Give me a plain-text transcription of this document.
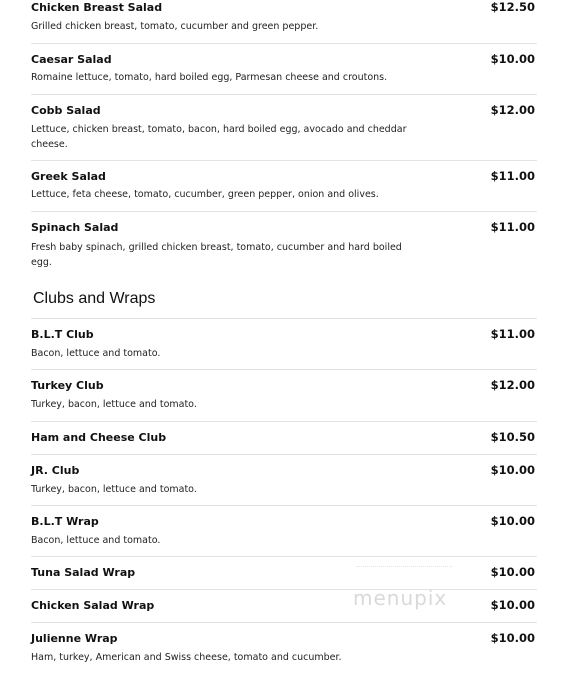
Chicken Breast Salad	$12.50
Grilled chicken breast, tomato, cucumber and green pepper.
Caesar Salad	$10.00
Romaine lettuce, tomato, hard boiled egg, Parmesan cheese and croutons.
Cobb Salad	$12.00
Lettuce, chicken breast, tomato, bacon, hard boiled egg, avocado and cheddar cheese.
Greek Salad	$11.00
Lettuce, feta cheese, tomato, cucumber, green pepper, onion and olives.
Spinach Salad	$11.00
Fresh baby spinach, grilled chicken breast, tomato, cucumber and hard boiled egg.
Clubs and Wraps
B.L.T Club	$11.00
Bacon, lettuce and tomato.
Turkey Club	$12.00
Turkey, bacon, lettuce and tomato.
Ham and Cheese Club	$10.50
JR. Club	$10.00
Turkey, bacon, lettuce and tomato.
B.L.T Wrap	$10.00
Bacon, lettuce and tomato.
Tuna Salad Wrap	$10.00
Chicken Salad Wrap	$10.00
Julienne Wrap	$10.00
Ham, turkey, American and Swiss cheese, tomato and cucumber.
menupix
